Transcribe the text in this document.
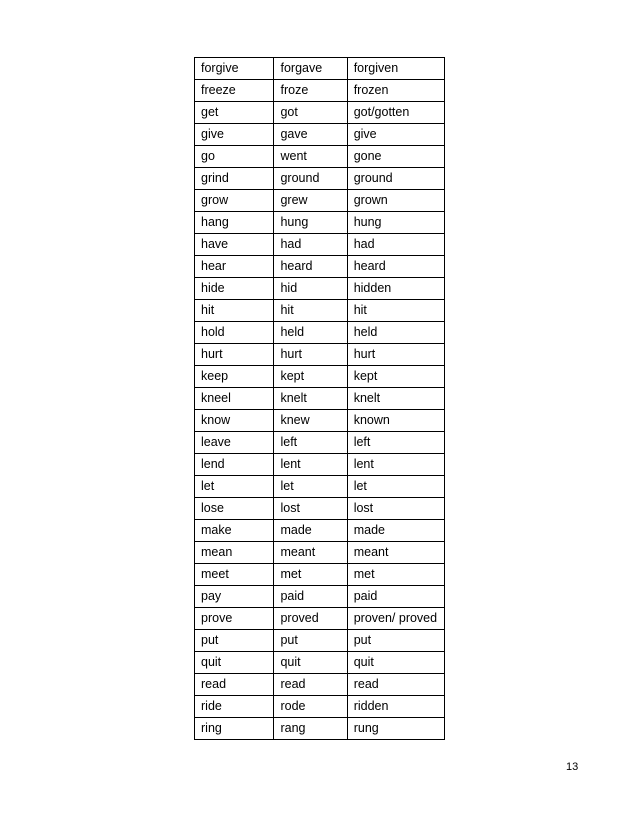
forgive	forgave	forgiven
freeze	froze	frozen
get	got	got/gotten
give	gave	give
go	went	gone
grind	ground	ground
grow	grew	grown
hang	hung	hung
have	had	had
hear	heard	heard
hide	hid	hidden
hit	hit	hit
hold	held	held
hurt	hurt	hurt
keep	kept	kept
kneel	knelt	knelt
know	knew	known
leave	left	left
lend	lent	lent
let	let	let
lose	lost	lost
make	made	made
mean	meant	meant
meet	met	met
pay	paid	paid
prove	proved	proven/ proved
put	put	put
quit	quit	quit
read	read	read
ride	rode	ridden
ring	rang	rung
13
